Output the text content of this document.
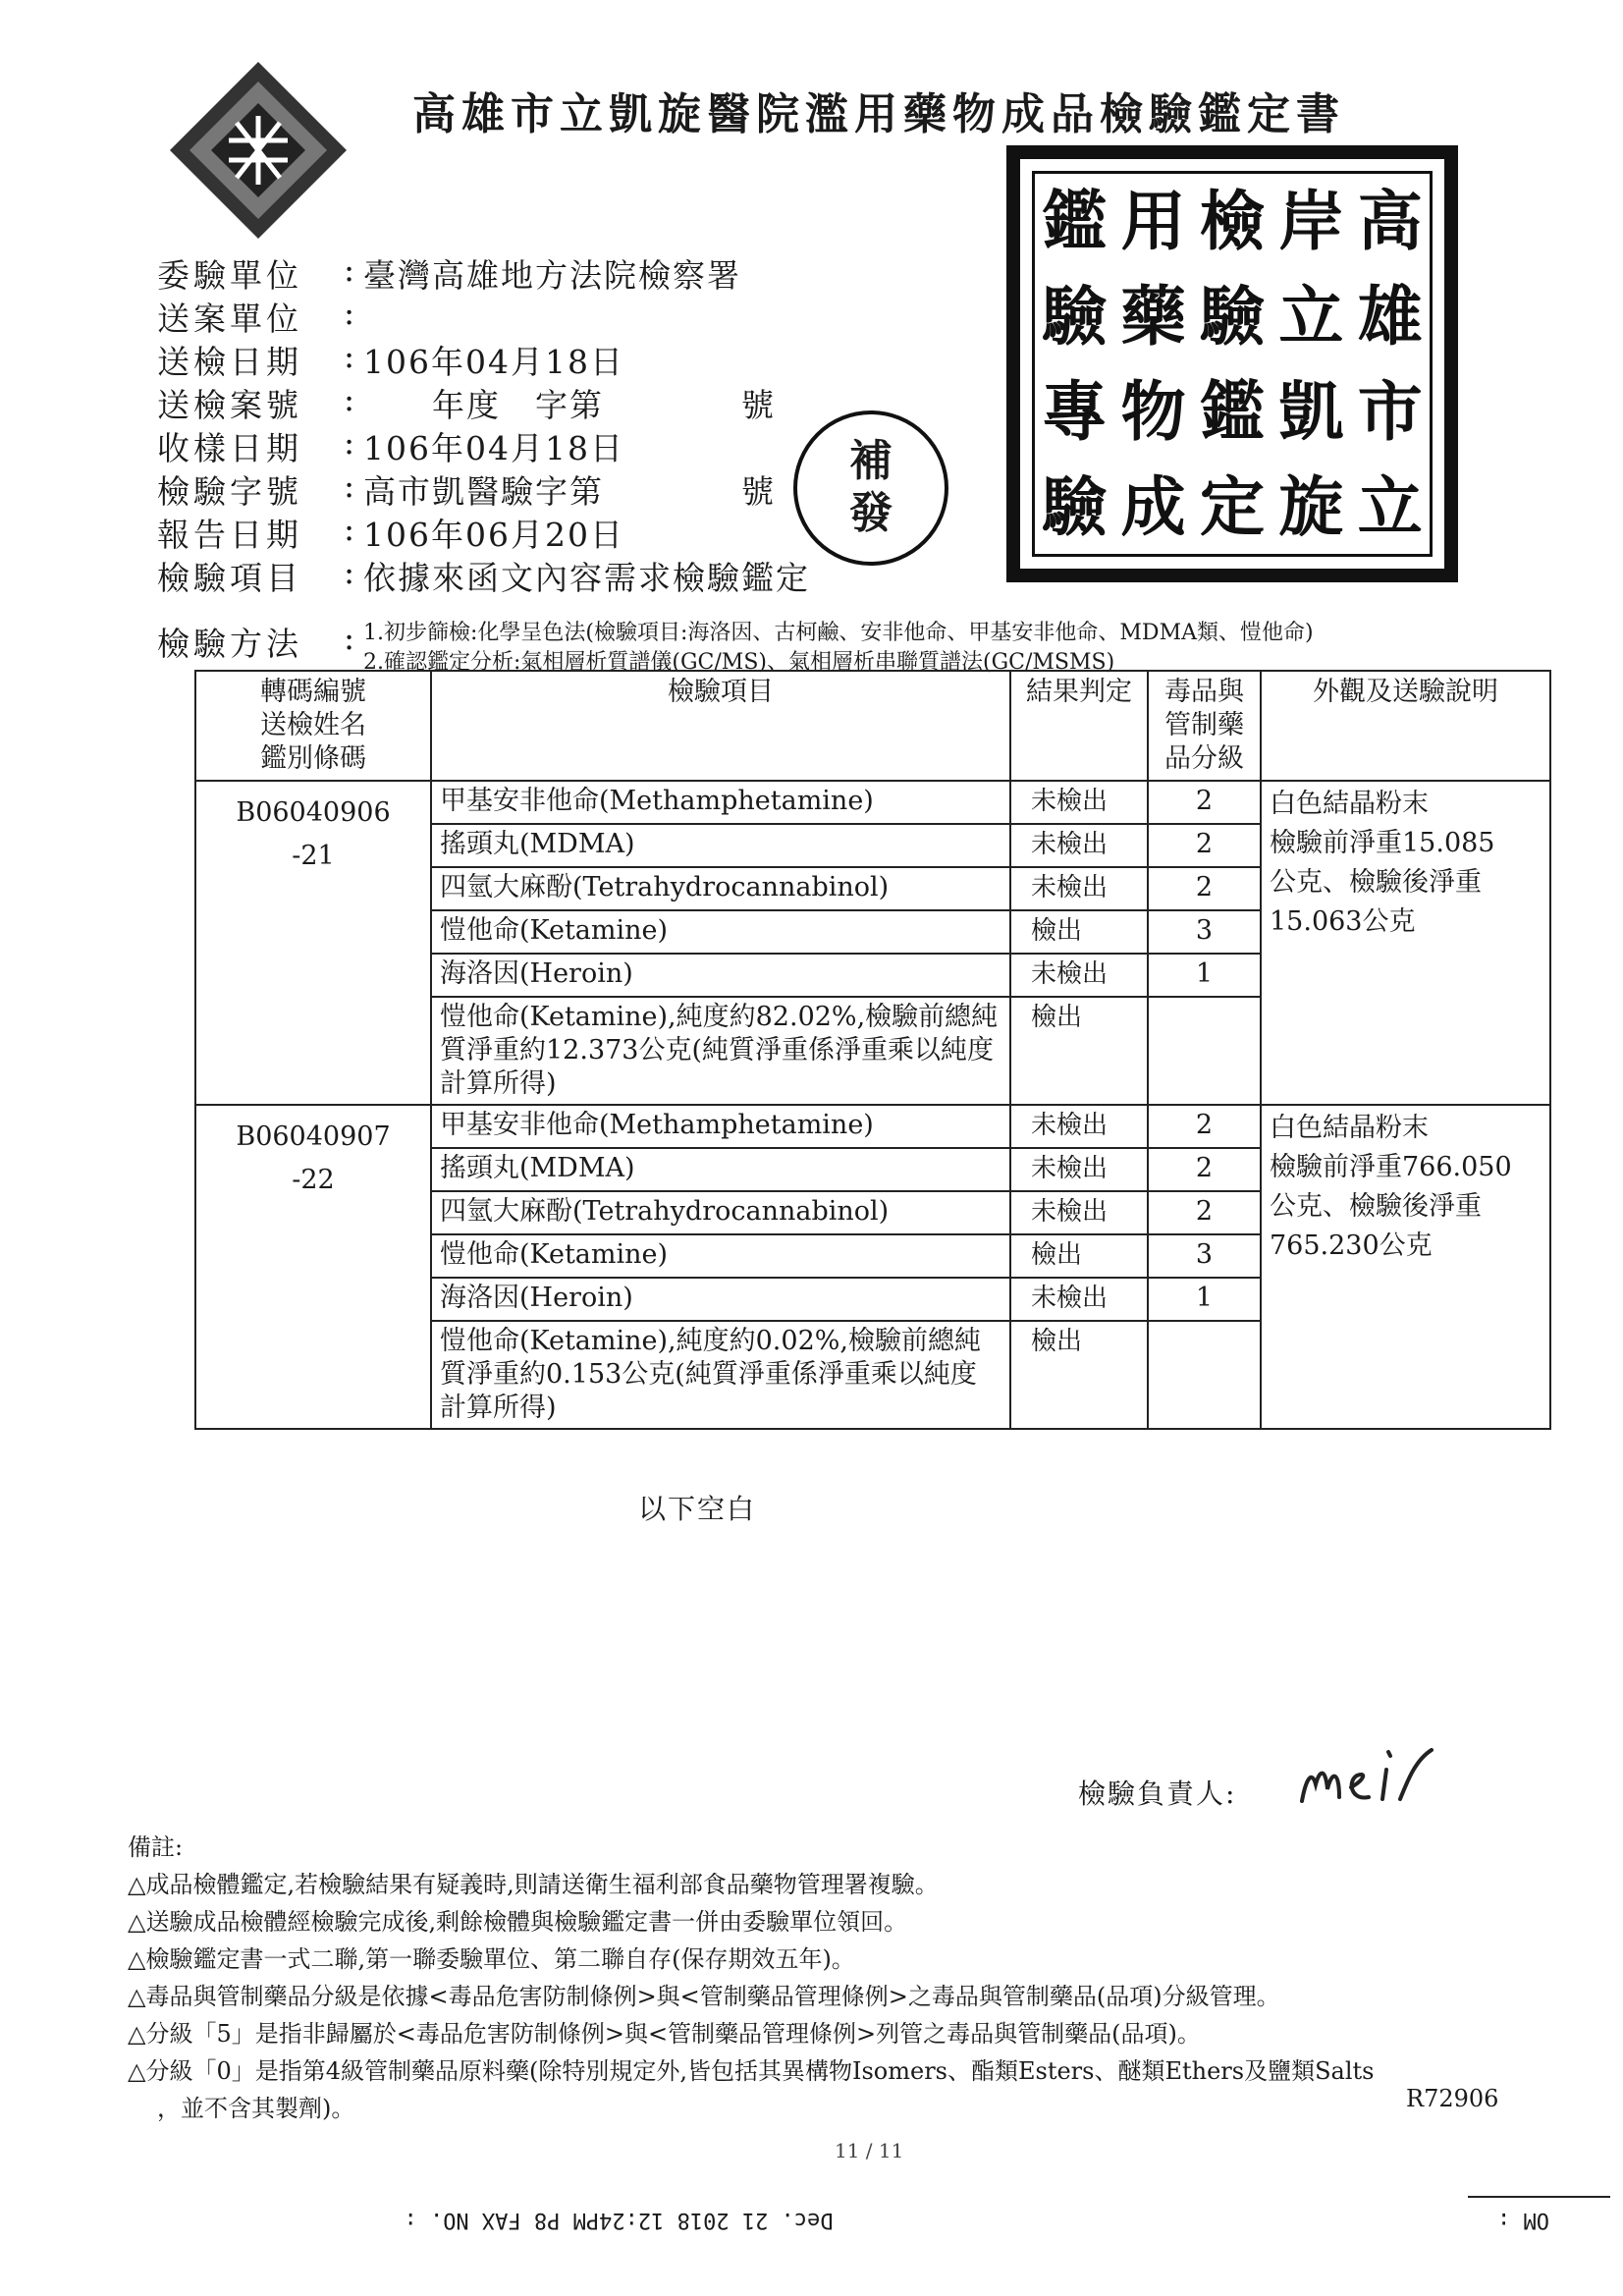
高雄市立凱旋醫院濫用藥物成品檢驗鑑定書
鑑 用 檢 岸 高
驗 藥 驗 立 雄
專 物 鑑 凱 市
驗 成 定 旋 立
補
發
委驗單位	: 臺灣高雄地方法院檢察署
送案單位	:
送檢日期	: 106年04月18日
送檢案號	: 　　年度　字第　　　　號
收樣日期	: 106年04月18日
檢驗字號	: 高市凱醫驗字第　　　　號
報告日期	: 106年06月20日
檢驗項目	: 依據來函文內容需求檢驗鑑定
檢驗方法	: 1.初步篩檢:化學呈色法(檢驗項目:海洛因、古柯鹼、安非他命、甲基安非他命、MDMA類、愷他命)
2.確認鑑定分析:氣相層析質譜儀(GC/MS)、氣相層析串聯質譜法(GC/MSMS)
轉碼編號
送檢姓名
鑑別條碼	檢驗項目	結果判定	毒品與
管制藥
品分級	外觀及送驗說明
B06040906
-21	甲基安非他命(Methamphetamine)	未檢出	2	白色結晶粉末
檢驗前淨重15.085
公克、檢驗後淨重
15.063公克
	搖頭丸(MDMA)	未檢出	2	
	四氫大麻酚(Tetrahydrocannabinol)	未檢出	2	
	愷他命(Ketamine)	檢出	3	
	海洛因(Heroin)	未檢出	1	
	愷他命(Ketamine),純度約82.02%,檢驗前總純質淨重約12.373公克(純質淨重係淨重乘以純度計算所得)	檢出		
B06040907
-22	甲基安非他命(Methamphetamine)	未檢出	2	白色結晶粉末
檢驗前淨重766.050
公克、檢驗後淨重
765.230公克
	搖頭丸(MDMA)	未檢出	2	
	四氫大麻酚(Tetrahydrocannabinol)	未檢出	2	
	愷他命(Ketamine)	檢出	3	
	海洛因(Heroin)	未檢出	1	
	愷他命(Ketamine),純度約0.02%,檢驗前總純質淨重約0.153公克(純質淨重係淨重乘以純度計算所得)	檢出		
以下空白
檢驗負責人:
備註:
△成品檢體鑑定,若檢驗結果有疑義時,則請送衛生福利部食品藥物管理署複驗。
△送驗成品檢體經檢驗完成後,剩餘檢體與檢驗鑑定書一併由委驗單位領回。
△檢驗鑑定書一式二聯,第一聯委驗單位、第二聯自存(保存期效五年)。
△毒品與管制藥品分級是依據<毒品危害防制條例>與<管制藥品管理條例>之毒品與管制藥品(品項)分級管理。
△分級「5」是指非歸屬於<毒品危害防制條例>與<管制藥品管理條例>列管之毒品與管制藥品(品項)。
△分級「0」是指第4級管制藥品原料藥(除特別規定外,皆包括其異構物Isomers、酯類Esters、醚類Ethers及鹽類Salts
，並不含其製劑)。	R72906
11 / 11
Dec. 21 2018 12:24PM P8 FAX NO. :	OM :
